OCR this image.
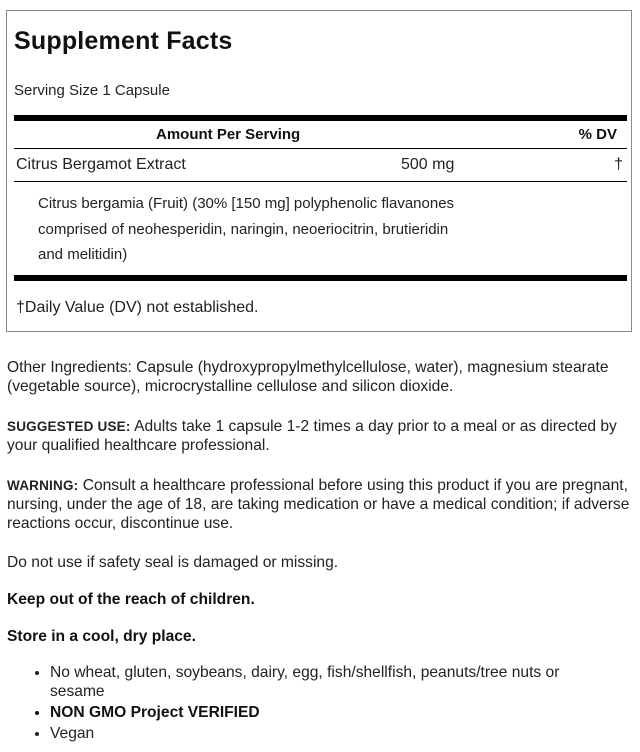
Supplement Facts
Serving Size 1 Capsule
Amount Per Serving	% DV
Citrus Bergamot Extract	500 mg	†
Citrus bergamia (Fruit) (30% [150 mg] polyphenolic flavanones comprised of neohesperidin, naringin, neoeriocitrin, brutieridin and melitidin)
†Daily Value (DV) not established.
Other Ingredients: Capsule (hydroxypropylmethylcellulose, water), magnesium stearate (vegetable source), microcrystalline cellulose and silicon dioxide.
SUGGESTED USE: Adults take 1 capsule 1-2 times a day prior to a meal or as directed by your qualified healthcare professional.
WARNING: Consult a healthcare professional before using this product if you are pregnant, nursing, under the age of 18, are taking medication or have a medical condition; if adverse reactions occur, discontinue use.
Do not use if safety seal is damaged or missing.
Keep out of the reach of children.
Store in a cool, dry place.
• No wheat, gluten, soybeans, dairy, egg, fish/shellfish, peanuts/tree nuts or sesame
• NON GMO Project VERIFIED
• Vegan
